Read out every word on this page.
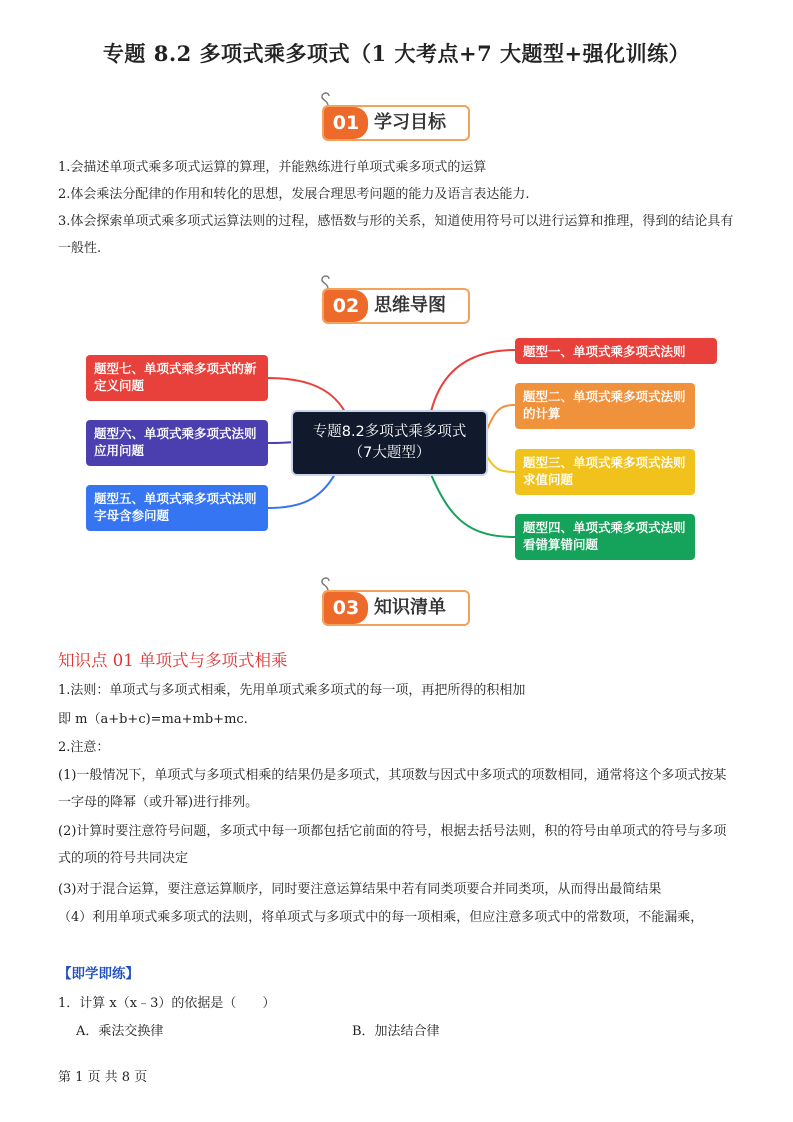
专题 8.2 多项式乘多项式（1 大考点+7 大题型+强化训练）
01 学习目标

1.会描述单项式乘多项式运算的算理，并能熟练进行单项式乘多项式的运算

2.体会乘法分配律的作用和转化的思想，发展合理思考问题的能力及语言表达能力.

3.体会探索单项式乘多项式运算法则的过程，感悟数与形的关系，知道使用符号可以进行运算和推理，得到的结论具有一般性.

02 思维导图
专题8.2多项式乘多项式（7大题型）
题型一、单项式乘多项式法则
题型二、单项式乘多项式法则的计算
题型三、单项式乘多项式法则求值问题
题型四、单项式乘多项式法则看错算错问题
题型五、单项式乘多项式法则字母含参问题
题型六、单项式乘多项式法则应用问题
题型七、单项式乘多项式的新定义问题
03 知识清单
知识点 01 单项式与多项式相乘

1.法则：单项式与多项式相乘，先用单项式乘多项式的每一项，再把所得的积相加

即 m（a+b+c)=ma+mb+mc.

2.注意：

(1)一般情况下，单项式与多项式相乘的结果仍是多项式，其项数与因式中多项式的项数相同，通常将这个多项式按某一字母的降幂（或升幂)进行排列。

(2)计算时要注意符号问题，多项式中每一项都包括它前面的符号，根据去括号法则，积的符号由单项式的符号与多项式的项的符号共同决定

(3)对于混合运算，要注意运算顺序，同时要注意运算结果中若有同类项要合并同类项，从而得出最简结果

（4）利用单项式乘多项式的法则，将单项式与多项式中的每一项相乘，但应注意多项式中的常数项，不能漏乘，

【即学即练】
1．计算 x（x﹣3）的依据是（　　）
A．乘法交换律	B．加法结合律
第 1 页 共 8 页
